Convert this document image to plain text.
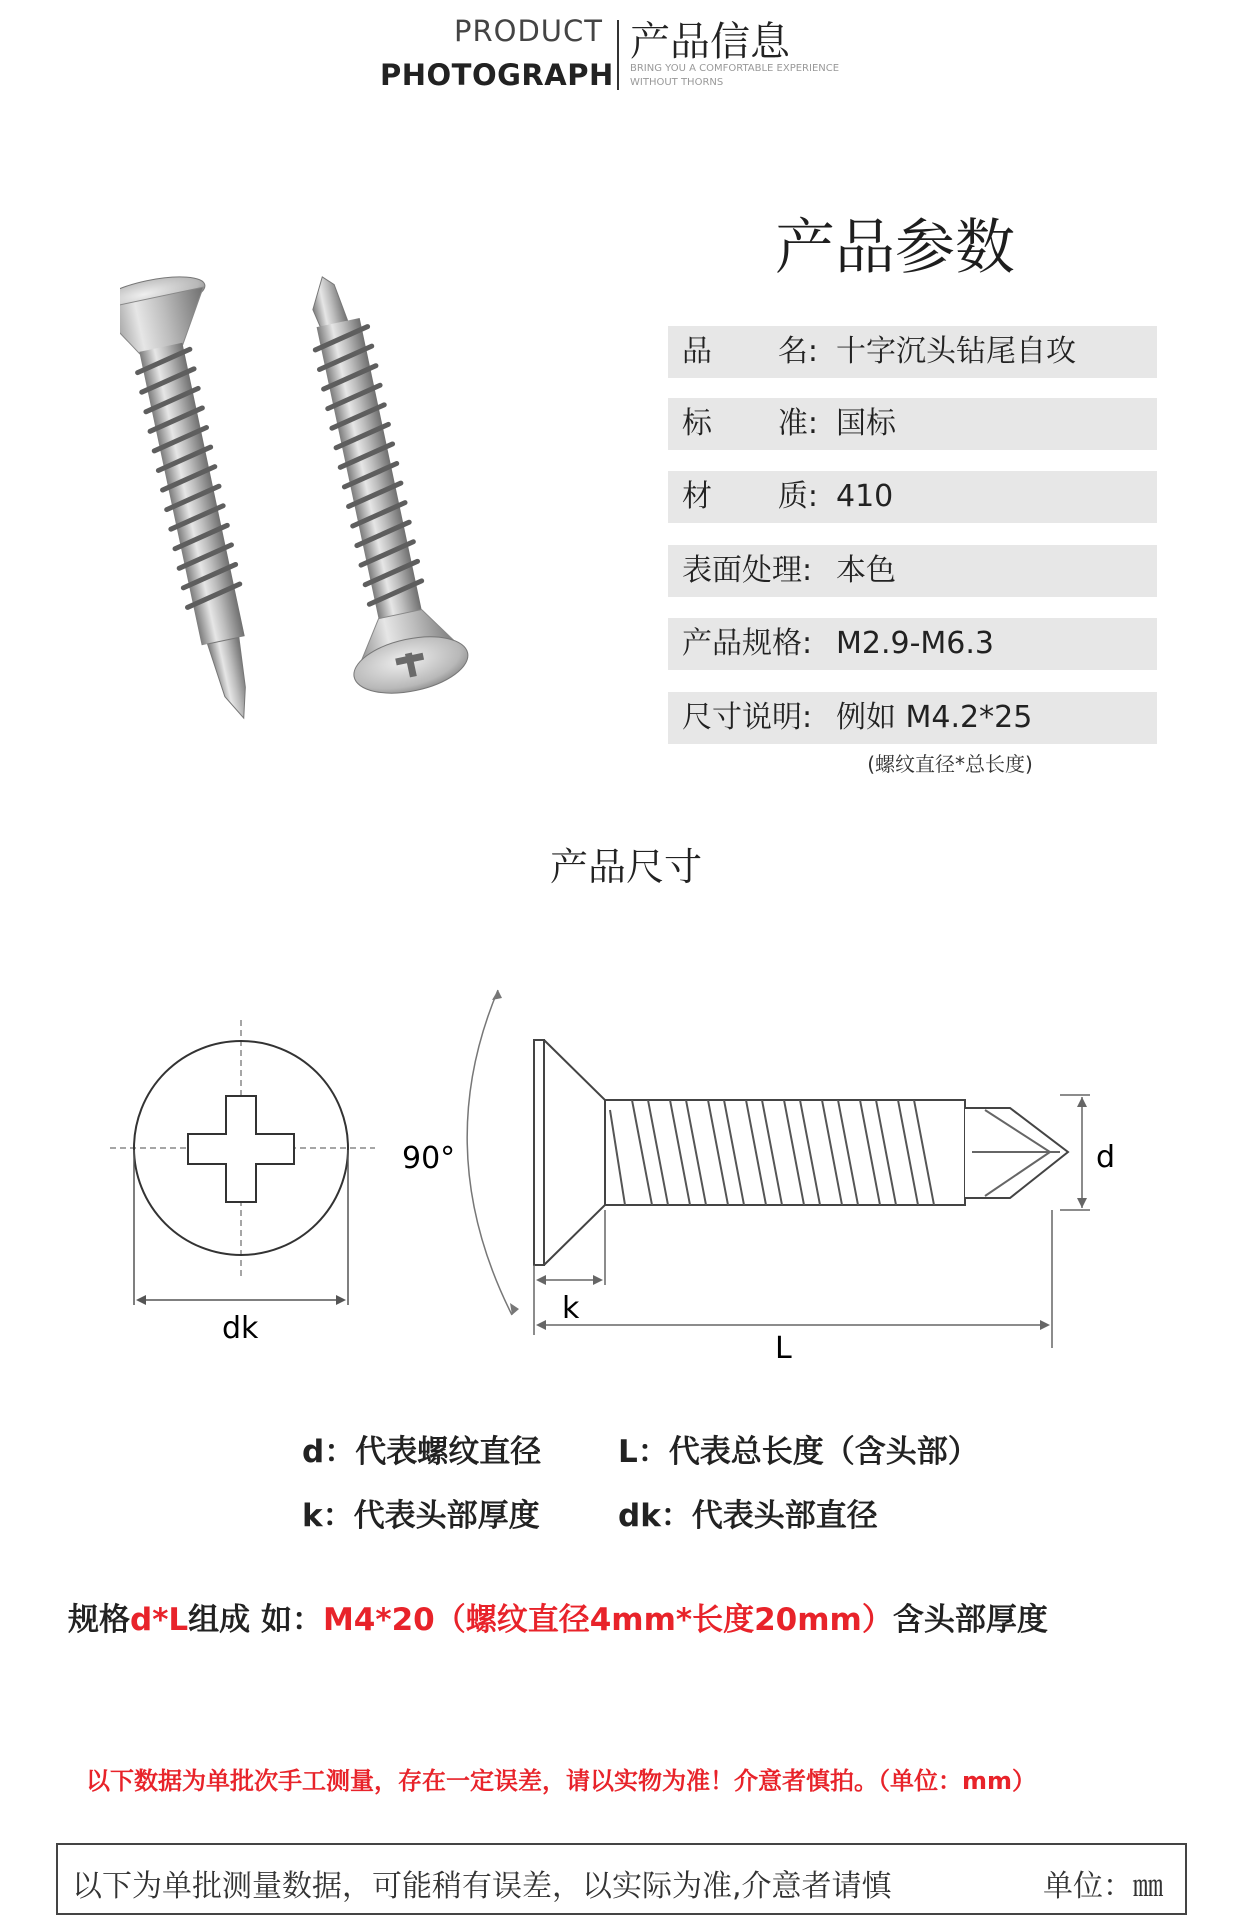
PRODUCT
PHOTOGRAPH
产品信息
BRING YOU A COMFORTABLE EXPERIENCE
WITHOUT THORNS
产品参数
品 名: 十字沉头钻尾自攻
标 准: 国标
材 质: 410
表面处理: 本色
产品规格: M2.9-M6.3
尺寸说明: 例如 M4.2*25
(螺纹直径*总长度)
产品尺寸
dk
90°	d
k
L
d：代表螺纹直径 L：代表总长度（含头部）
k：代表头部厚度	dk：代表头部直径
规格d*L组成 如：M4*20（螺纹直径4mm*长度20mm）含头部厚度
以下数据为单批次手工测量，存在一定误差，请以实物为准！介意者慎拍。（单位：mm）
以下为单批测量数据，可能稍有误差，以实际为准,介意者请慎	单位：㎜
